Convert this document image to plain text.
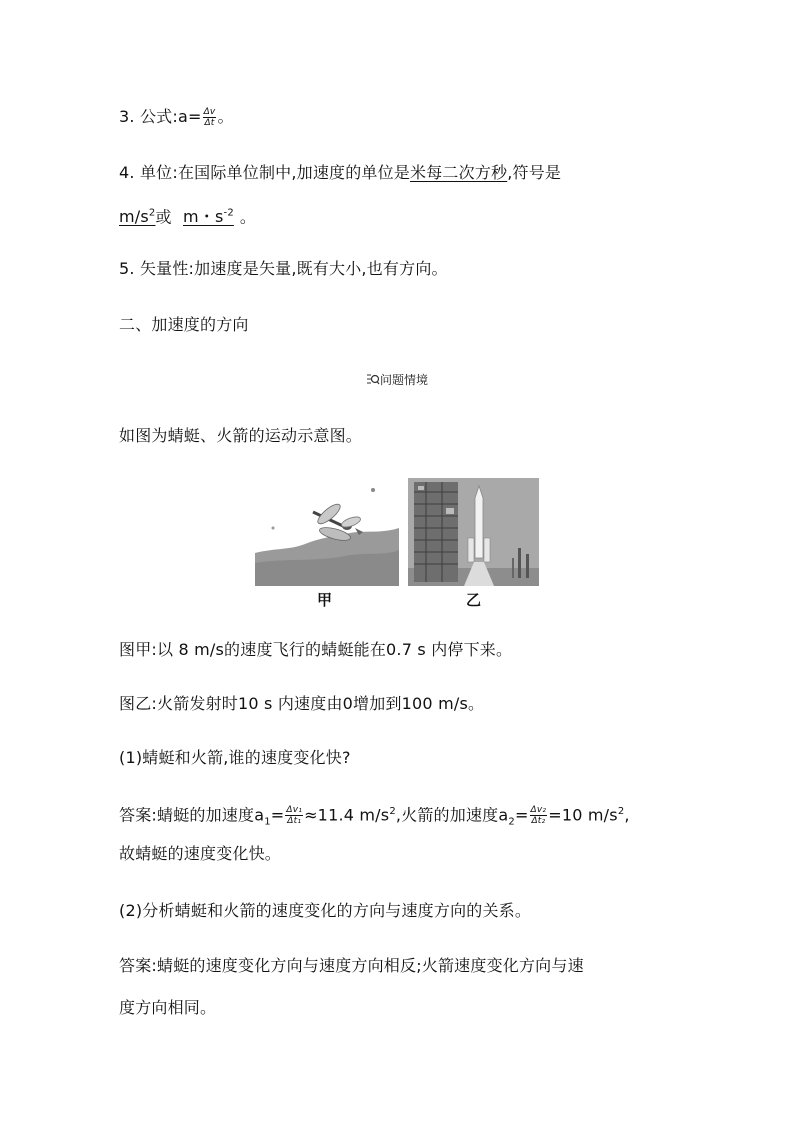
3. 公式:a= $\frac{\Delta v}{\Delta t}$ 。
4. 单位:在国际单位制中,加速度的单位是米每二次方秒,符号是
$m/s^2$或 m・$s^{-2}$ 。
5. 矢量性:加速度是矢量,既有大小,也有方向。
二、加速度的方向
问题情境
如图为蜻蜓、火箭的运动示意图。
甲	乙
图甲:以 8 m/s的速度飞行的蜻蜓能在0.7 s 内停下来。
图乙:火箭发射时10 s 内速度由0增加到100 m/s。
(1)蜻蜓和火箭,谁的速度变化快?
答案:蜻蜓的加速度$a_1= \frac{\text{Δv₁}}{\text{Δt₁}} \approx 11.4$ $m/s^2$,火箭的加速度$a_2= \frac{\text{Δv₂}}{\text{Δt₂}} =10$ $m/s^2$,
故蜻蜓的速度变化快。
(2)分析蜻蜓和火箭的速度变化的方向与速度方向的关系。
答案:蜻蜓的速度变化方向与速度方向相反;火箭速度变化方向与速
度方向相同。
